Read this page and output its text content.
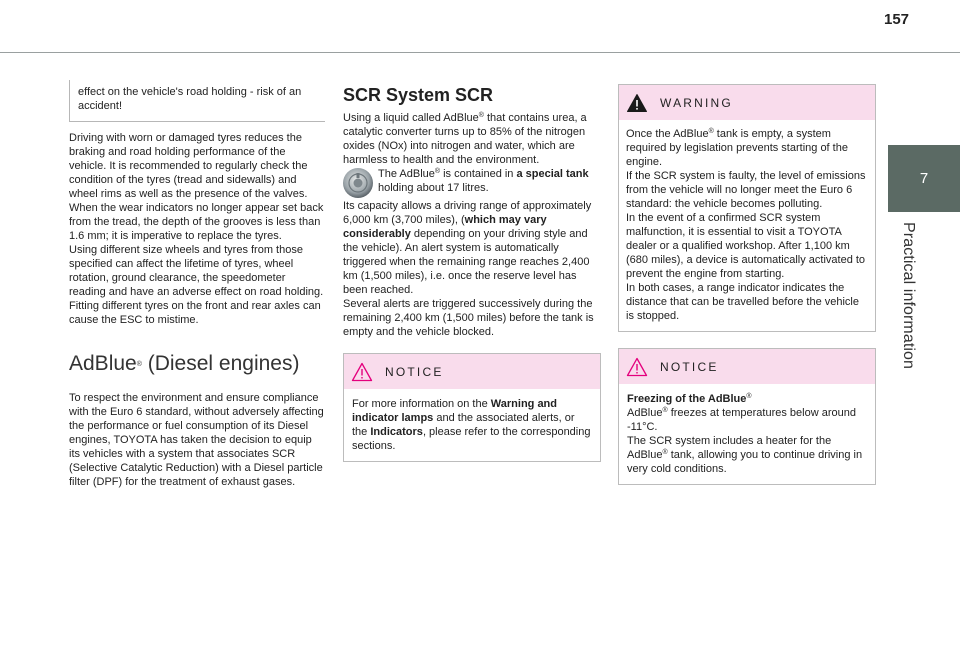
157
7
Practical information

effect on the vehicle's road holding - risk of an accident!

Driving with worn or damaged tyres reduces the braking and road holding performance of the vehicle. It is recommended to regularly check the condition of the tyres (tread and sidewalls) and wheel rims as well as the presence of the valves.

When the wear indicators no longer appear set back from the tread, the depth of the grooves is less than 1.6 mm; it is imperative to replace the tyres.

Using different size wheels and tyres from those specified can affect the lifetime of tyres, wheel rotation, ground clearance, the speedometer reading and have an adverse effect on road holding.

Fitting different tyres on the front and rear axles can cause the ESC to mistime.

AdBlue® (Diesel engines)

To respect the environment and ensure compliance with the Euro 6 standard, without adversely affecting the performance or fuel consumption of its Diesel engines, TOYOTA has taken the decision to equip its vehicles with a system that associates SCR (Selective Catalytic Reduction) with a Diesel particle filter (DPF) for the treatment of exhaust gases.

SCR System SCR

Using a liquid called AdBlue® that contains urea, a catalytic converter turns up to 85% of the nitrogen oxides (NOx) into nitrogen and water, which are harmless to health and the environment.

The AdBlue® is contained in a special tank holding about 17 litres.

Its capacity allows a driving range of approximately 6,000 km (3,700 miles), (which may vary considerably depending on your driving style and the vehicle). An alert system is automatically triggered when the remaining range reaches 2,400 km (1,500 miles), i.e. once the reserve level has been reached.

Several alerts are triggered successively during the remaining 2,400 km (1,500 miles) before the tank is empty and the vehicle blocked.

NOTICE

For more information on the Warning and indicator lamps and the associated alerts, or the Indicators, please refer to the corresponding sections.

WARNING

Once the AdBlue® tank is empty, a system required by legislation prevents starting of the engine.

If the SCR system is faulty, the level of emissions from the vehicle will no longer meet the Euro 6 standard: the vehicle becomes polluting.

In the event of a confirmed SCR system malfunction, it is essential to visit a TOYOTA dealer or a qualified workshop. After 1,100 km (680 miles), a device is automatically activated to prevent the engine from starting.

In both cases, a range indicator indicates the distance that can be travelled before the vehicle is stopped.

NOTICE

Freezing of the AdBlue®

AdBlue® freezes at temperatures below around -11°C.

The SCR system includes a heater for the AdBlue® tank, allowing you to continue driving in very cold conditions.
